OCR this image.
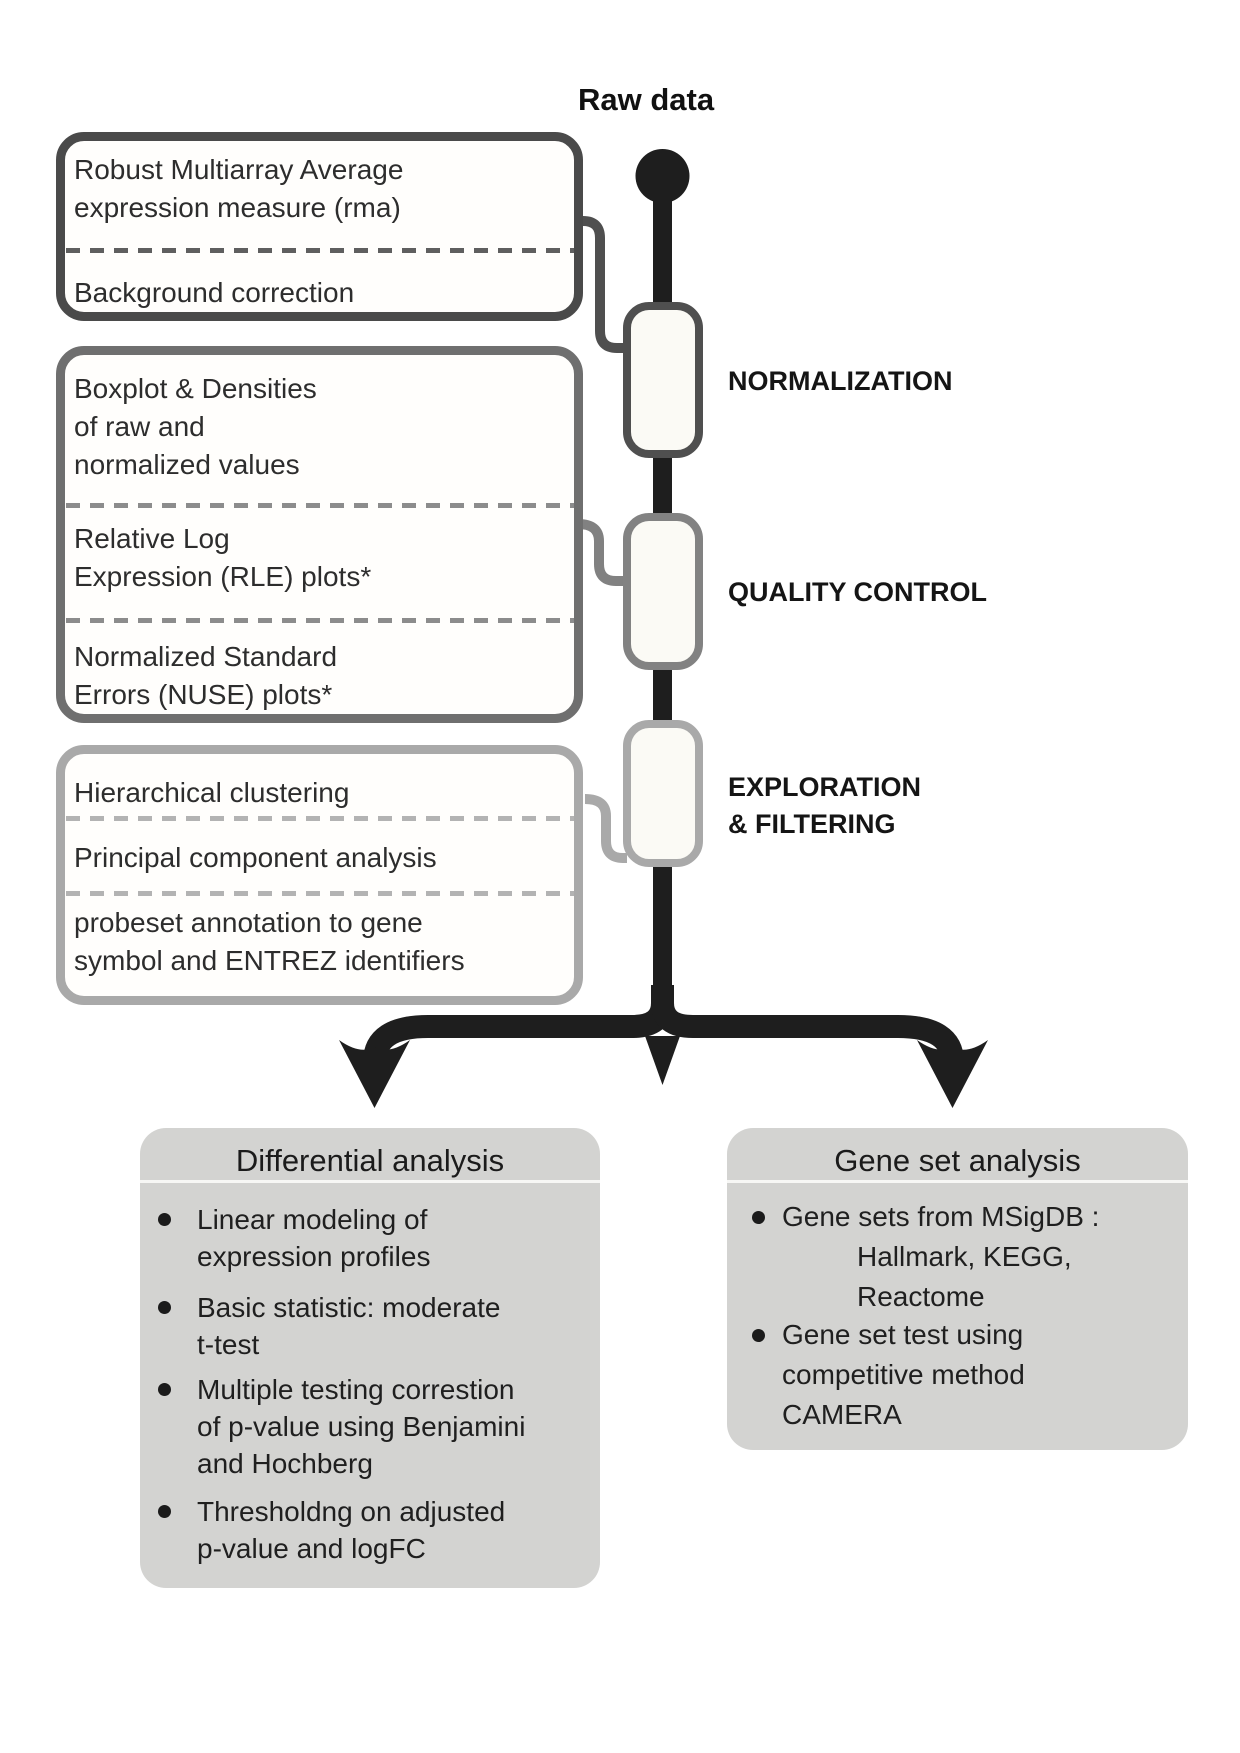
Raw data
Robust Multiarray Average
expression measure (rma)
Background correction
Boxplot & Densities
of raw and
normalized values
Relative Log
Expression (RLE) plots*
Normalized Standard
Errors (NUSE) plots*
Hierarchical clustering
Principal component analysis
probeset annotation to gene
symbol and ENTREZ identifiers
NORMALIZATION
QUALITY CONTROL
EXPLORATION
& FILTERING
Differential analysis	Gene set analysis
Linear modeling of
expression profiles
Basic statistic: moderate
t-test
Multiple testing correstion
of p-value using Benjamini
and Hochberg
Thresholdng on adjusted
p-value and logFC
Gene sets from MSigDB :
Hallmark, KEGG,
Reactome
Gene set test using
competitive method
CAMERA
